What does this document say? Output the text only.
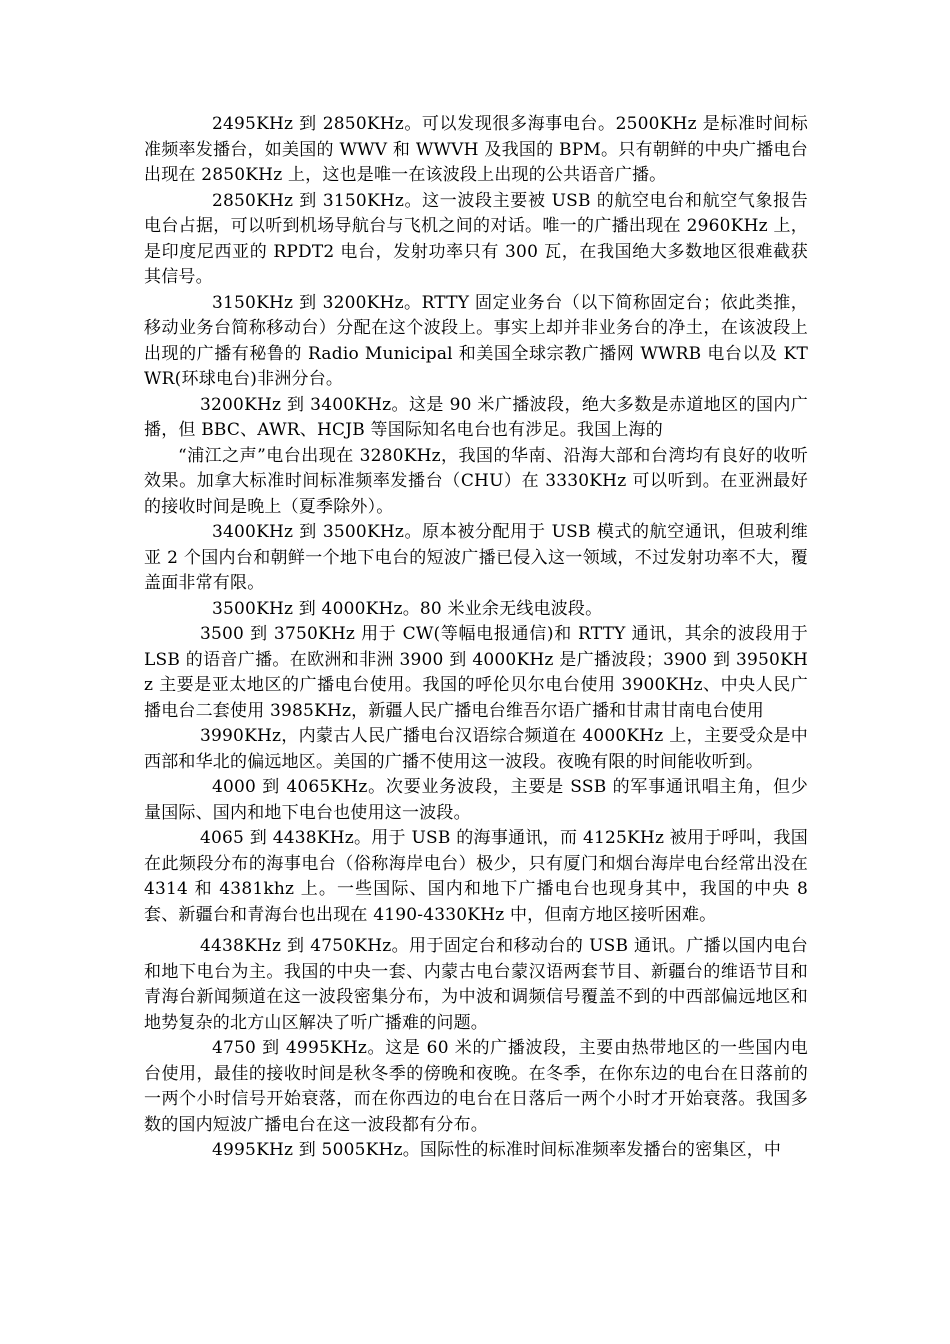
2495KHz 到 2850KHz。可以发现很多海事电台。2500KHz 是标准时间标准频率发播台，如美国的 WWV 和 WWVH 及我国的 BPM。只有朝鲜的中央广播电台出现在 2850KHz 上，这也是唯一在该波段上出现的公共语音广播。

2850KHz 到 3150KHz。这一波段主要被 USB 的航空电台和航空气象报告电台占据，可以听到机场导航台与飞机之间的对话。唯一的广播出现在 2960KHz 上，是印度尼西亚的 RPDT2 电台，发射功率只有 300 瓦，在我国绝大多数地区很难截获其信号。

3150KHz 到 3200KHz。RTTY 固定业务台（以下简称固定台；依此类推，移动业务台简称移动台）分配在这个波段上。事实上却并非业务台的净土，在该波段上出现的广播有秘鲁的 Radio Municipal 和美国全球宗教广播网 WWRB 电台以及 KTWR(环球电台)非洲分台。

3200KHz 到 3400KHz。这是 90 米广播波段，绝大多数是赤道地区的国内广播，但 BBC、AWR、HCJB 等国际知名电台也有涉足。我国上海的

“浦江之声”电台出现在 3280KHz，我国的华南、沿海大部和台湾均有良好的收听效果。加拿大标准时间标准频率发播台（CHU）在 3330KHz 可以听到。在亚洲最好的接收时间是晚上（夏季除外）。

3400KHz 到 3500KHz。原本被分配用于 USB 模式的航空通讯，但玻利维亚 2 个国内台和朝鲜一个地下电台的短波广播已侵入这一领域，不过发射功率不大，覆盖面非常有限。

3500KHz 到 4000KHz。80 米业余无线电波段。

3500 到 3750KHz 用于 CW(等幅电报通信)和 RTTY 通讯，其余的波段用于 LSB 的语音广播。在欧洲和非洲 3900 到 4000KHz 是广播波段；3900 到 3950KHz 主要是亚太地区的广播电台使用。我国的呼伦贝尔电台使用 3900KHz、中央人民广播电台二套使用 3985KHz，新疆人民广播电台维吾尔语广播和甘肃甘南电台使用

3990KHz，内蒙古人民广播电台汉语综合频道在 4000KHz 上，主要受众是中西部和华北的偏远地区。美国的广播不使用这一波段。夜晚有限的时间能收听到。

4000 到 4065KHz。次要业务波段，主要是 SSB 的军事通讯唱主角，但少量国际、国内和地下电台也使用这一波段。

4065 到 4438KHz。用于 USB 的海事通讯，而 4125KHz 被用于呼叫，我国在此频段分布的海事电台（俗称海岸电台）极少，只有厦门和烟台海岸电台经常出没在 4314 和 4381khz 上。一些国际、国内和地下广播电台也现身其中，我国的中央 8 套、新疆台和青海台也出现在 4190-4330KHz 中，但南方地区接听困难。

4438KHz 到 4750KHz。用于固定台和移动台的 USB 通讯。广播以国内电台和地下电台为主。我国的中央一套、内蒙古电台蒙汉语两套节目、新疆台的维语节目和青海台新闻频道在这一波段密集分布，为中波和调频信号覆盖不到的中西部偏远地区和地势复杂的北方山区解决了听广播难的问题。

4750 到 4995KHz。这是 60 米的广播波段，主要由热带地区的一些国内电台使用，最佳的接收时间是秋冬季的傍晚和夜晚。在冬季，在你东边的电台在日落前的一两个小时信号开始衰落，而在你西边的电台在日落后一两个小时才开始衰落。我国多数的国内短波广播电台在这一波段都有分布。

4995KHz 到 5005KHz。国际性的标准时间标准频率发播台的密集区，中
